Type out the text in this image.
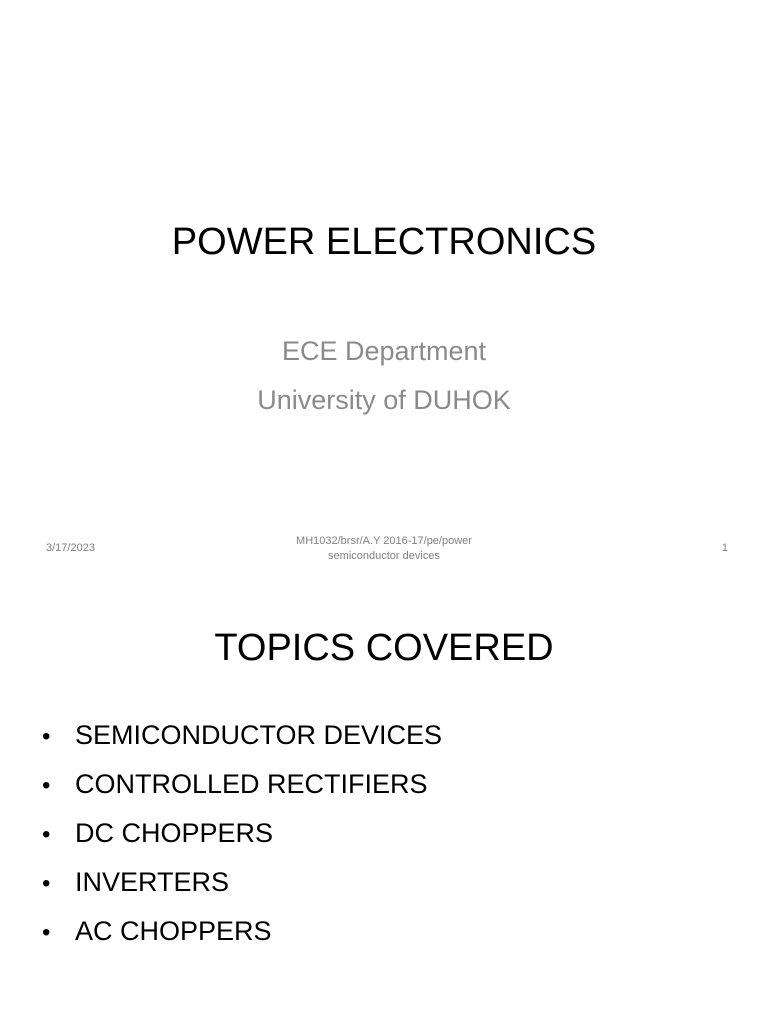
POWER ELECTRONICS
ECE Department
University of DUHOK
3/17/2023
MH1032/brsr/A.Y 2016-17/pe/power
semiconductor devices
1
TOPICS COVERED
• SEMICONDUCTOR DEVICES
• CONTROLLED RECTIFIERS
• DC CHOPPERS
• INVERTERS
• AC CHOPPERS
